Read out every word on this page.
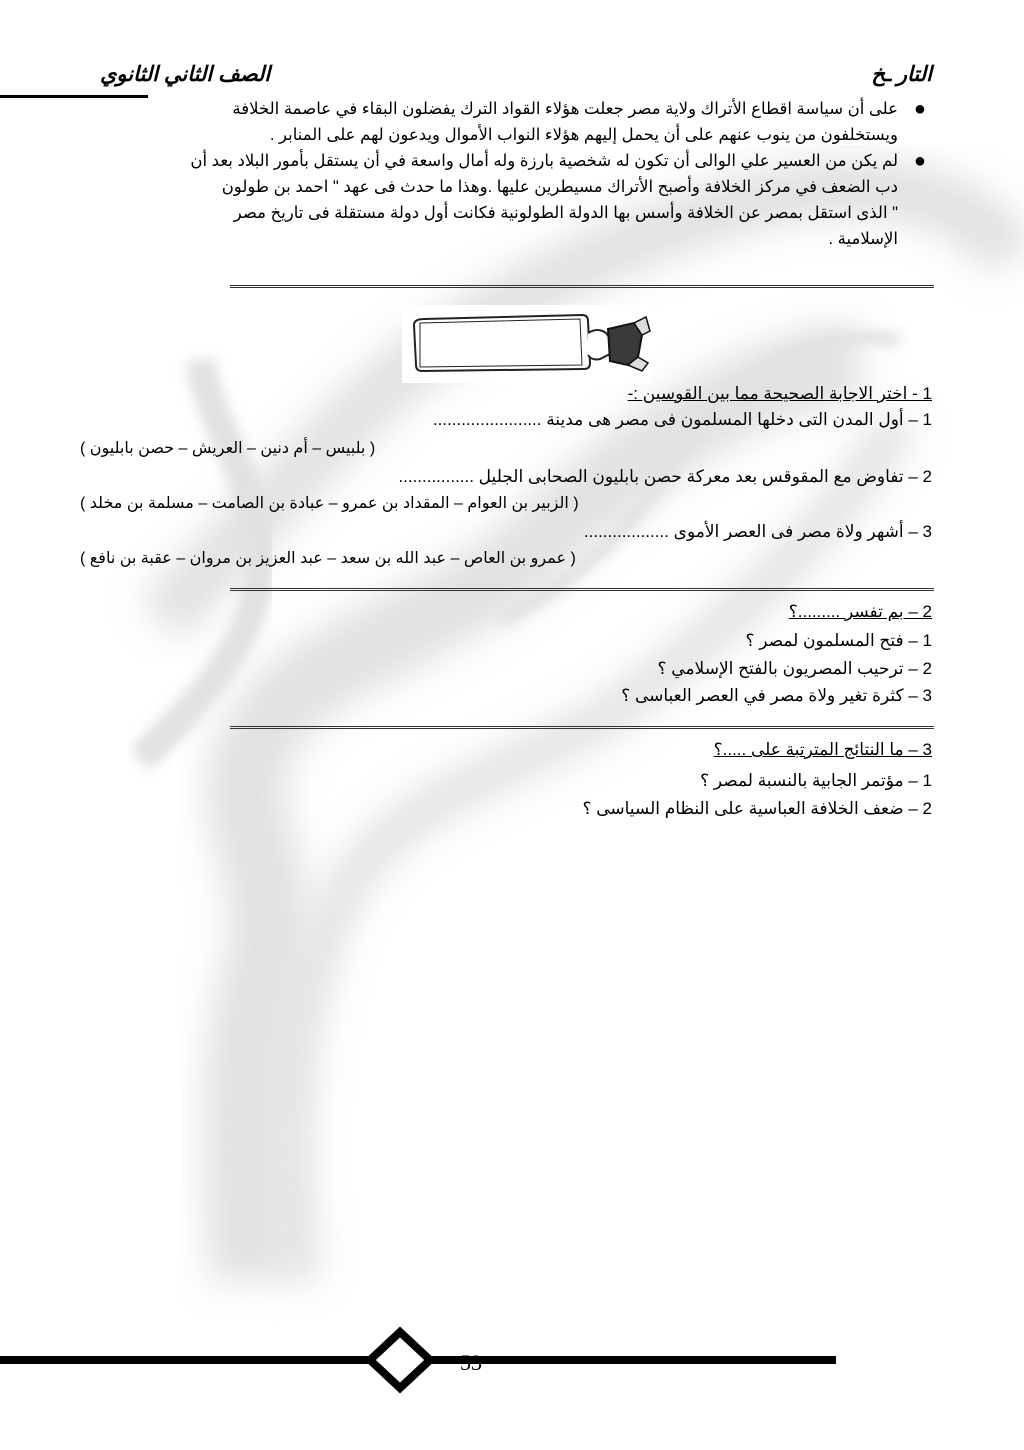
الصف الثاني الثانوي	التار ـخ
●
على أن سياسة اقطاع الأتراك ولاية مصر جعلت هؤلاء القواد الترك يفضلون البقاء في عاصمة الخلافة
ويستخلفون من ينوب عنهم على أن يحمل إليهم هؤلاء النواب الأموال ويدعون لهم على المنابر .
●
لم يكن من العسير علي الوالى أن تكون له شخصية بارزة وله أمال واسعة في أن يستقل بأمور البلاد بعد أن
دب الضعف في مركز الخلافة وأصبح الأتراك مسيطرين عليها .وهذا ما حدث فى عهد " احمد بن طولون
" الذى استقل بمصر عن الخلافة وأسس بها الدولة الطولونية فكانت أول دولة مستقلة فى تاريخ مصر
الإسلامية .
1 - اختر الاجابة الصحيحة مما بين القوسين :-
1 – أول المدن التى دخلها المسلمون فى مصر هى مدينة .......................
( بلبيس – أم دنين – العريش – حصن بابليون )
2 – تفاوض مع المقوقس بعد معركة حصن بابليون الصحابى الجليل ................
( الزبير بن العوام – المقداد بن عمرو – عبادة بن الصامت – مسلمة بن مخلد )
3 – أشهر ولاة مصر فى العصر الأموى ..................
( عمرو بن العاص – عبد الله بن سعد – عبد العزيز بن مروان – عقبة بن نافع )
2 – بم تفسر .........؟
1 – فتح المسلمون لمصر ؟
2 – ترحيب المصريون بالفتح الإسلامي ؟
3 – كثرة تغير ولاة مصر في العصر العباسى ؟
3 – ما النتائج المترتبة على .....؟
1 – مؤتمر الجابية بالنسبة لمصر ؟
2 – ضعف الخلافة العباسية على النظام السياسى ؟
53
